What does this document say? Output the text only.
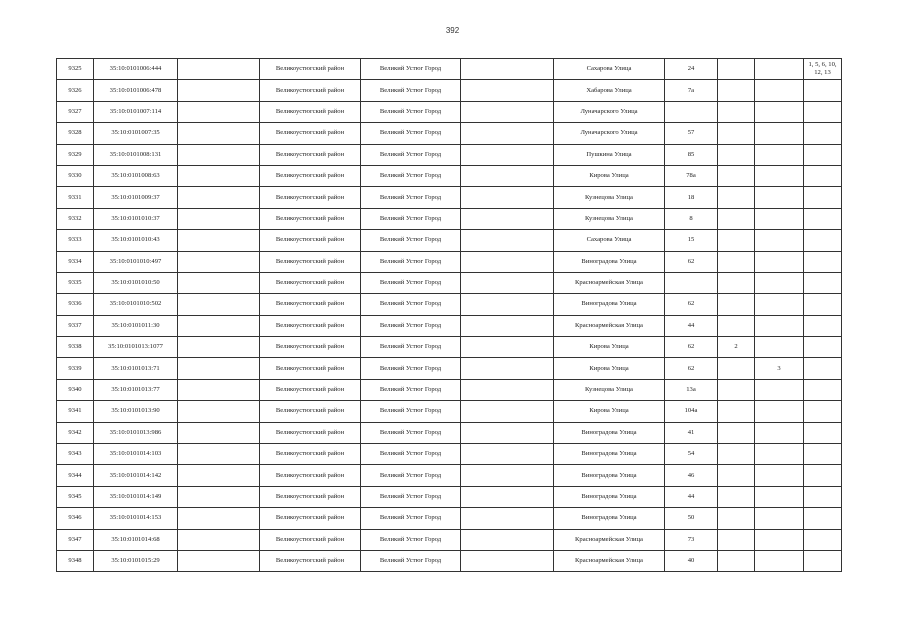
392
9325	35:10:0101006:444		Великоустюгский район	Великий Устюг Город		Сахарова Улица	24			1, 5, 6, 10, 12, 13
9326	35:10:0101006:478		Великоустюгский район	Великий Устюг Город		Хабарова Улица	7а			
9327	35:10:0101007:114		Великоустюгский район	Великий Устюг Город		Луначарского Улица				
9328	35:10:0101007:35		Великоустюгский район	Великий Устюг Город		Луначарского Улица	57			
9329	35:10:0101008:131		Великоустюгский район	Великий Устюг Город		Пушкина Улица	85			
9330	35:10:0101008:63		Великоустюгский район	Великий Устюг Город		Кирова Улица	78а			
9331	35:10:0101009:37		Великоустюгский район	Великий Устюг Город		Кузнецова Улица	18			
9332	35:10:0101010:37		Великоустюгский район	Великий Устюг Город		Кузнецова Улица	8			
9333	35:10:0101010:43		Великоустюгский район	Великий Устюг Город		Сахарова Улица	15			
9334	35:10:0101010:497		Великоустюгский район	Великий Устюг Город		Виноградова Улица	62			
9335	35:10:0101010:50		Великоустюгский район	Великий Устюг Город		Красноармейская Улица				
9336	35:10:0101010:502		Великоустюгский район	Великий Устюг Город		Виноградова Улица	62			
9337	35:10:0101011:30		Великоустюгский район	Великий Устюг Город		Красноармейская Улица	44			
9338	35:10:0101013:1077		Великоустюгский район	Великий Устюг Город		Кирова Улица	62	2		
9339	35:10:0101013:71		Великоустюгский район	Великий Устюг Город		Кирова Улица	62		3	
9340	35:10:0101013:77		Великоустюгский район	Великий Устюг Город		Кузнецова Улица	13а			
9341	35:10:0101013:90		Великоустюгский район	Великий Устюг Город		Кирова Улица	104а			
9342	35:10:0101013:986		Великоустюгский район	Великий Устюг Город		Виноградова Улица	41			
9343	35:10:0101014:103		Великоустюгский район	Великий Устюг Город		Виноградова Улица	54			
9344	35:10:0101014:142		Великоустюгский район	Великий Устюг Город		Виноградова Улица	46			
9345	35:10:0101014:149		Великоустюгский район	Великий Устюг Город		Виноградова Улица	44			
9346	35:10:0101014:153		Великоустюгский район	Великий Устюг Город		Виноградова Улица	50			
9347	35:10:0101014:68		Великоустюгский район	Великий Устюг Город		Красноармейская Улица	73			
9348	35:10:0101015:29		Великоустюгский район	Великий Устюг Город		Красноармейская Улица	40			
